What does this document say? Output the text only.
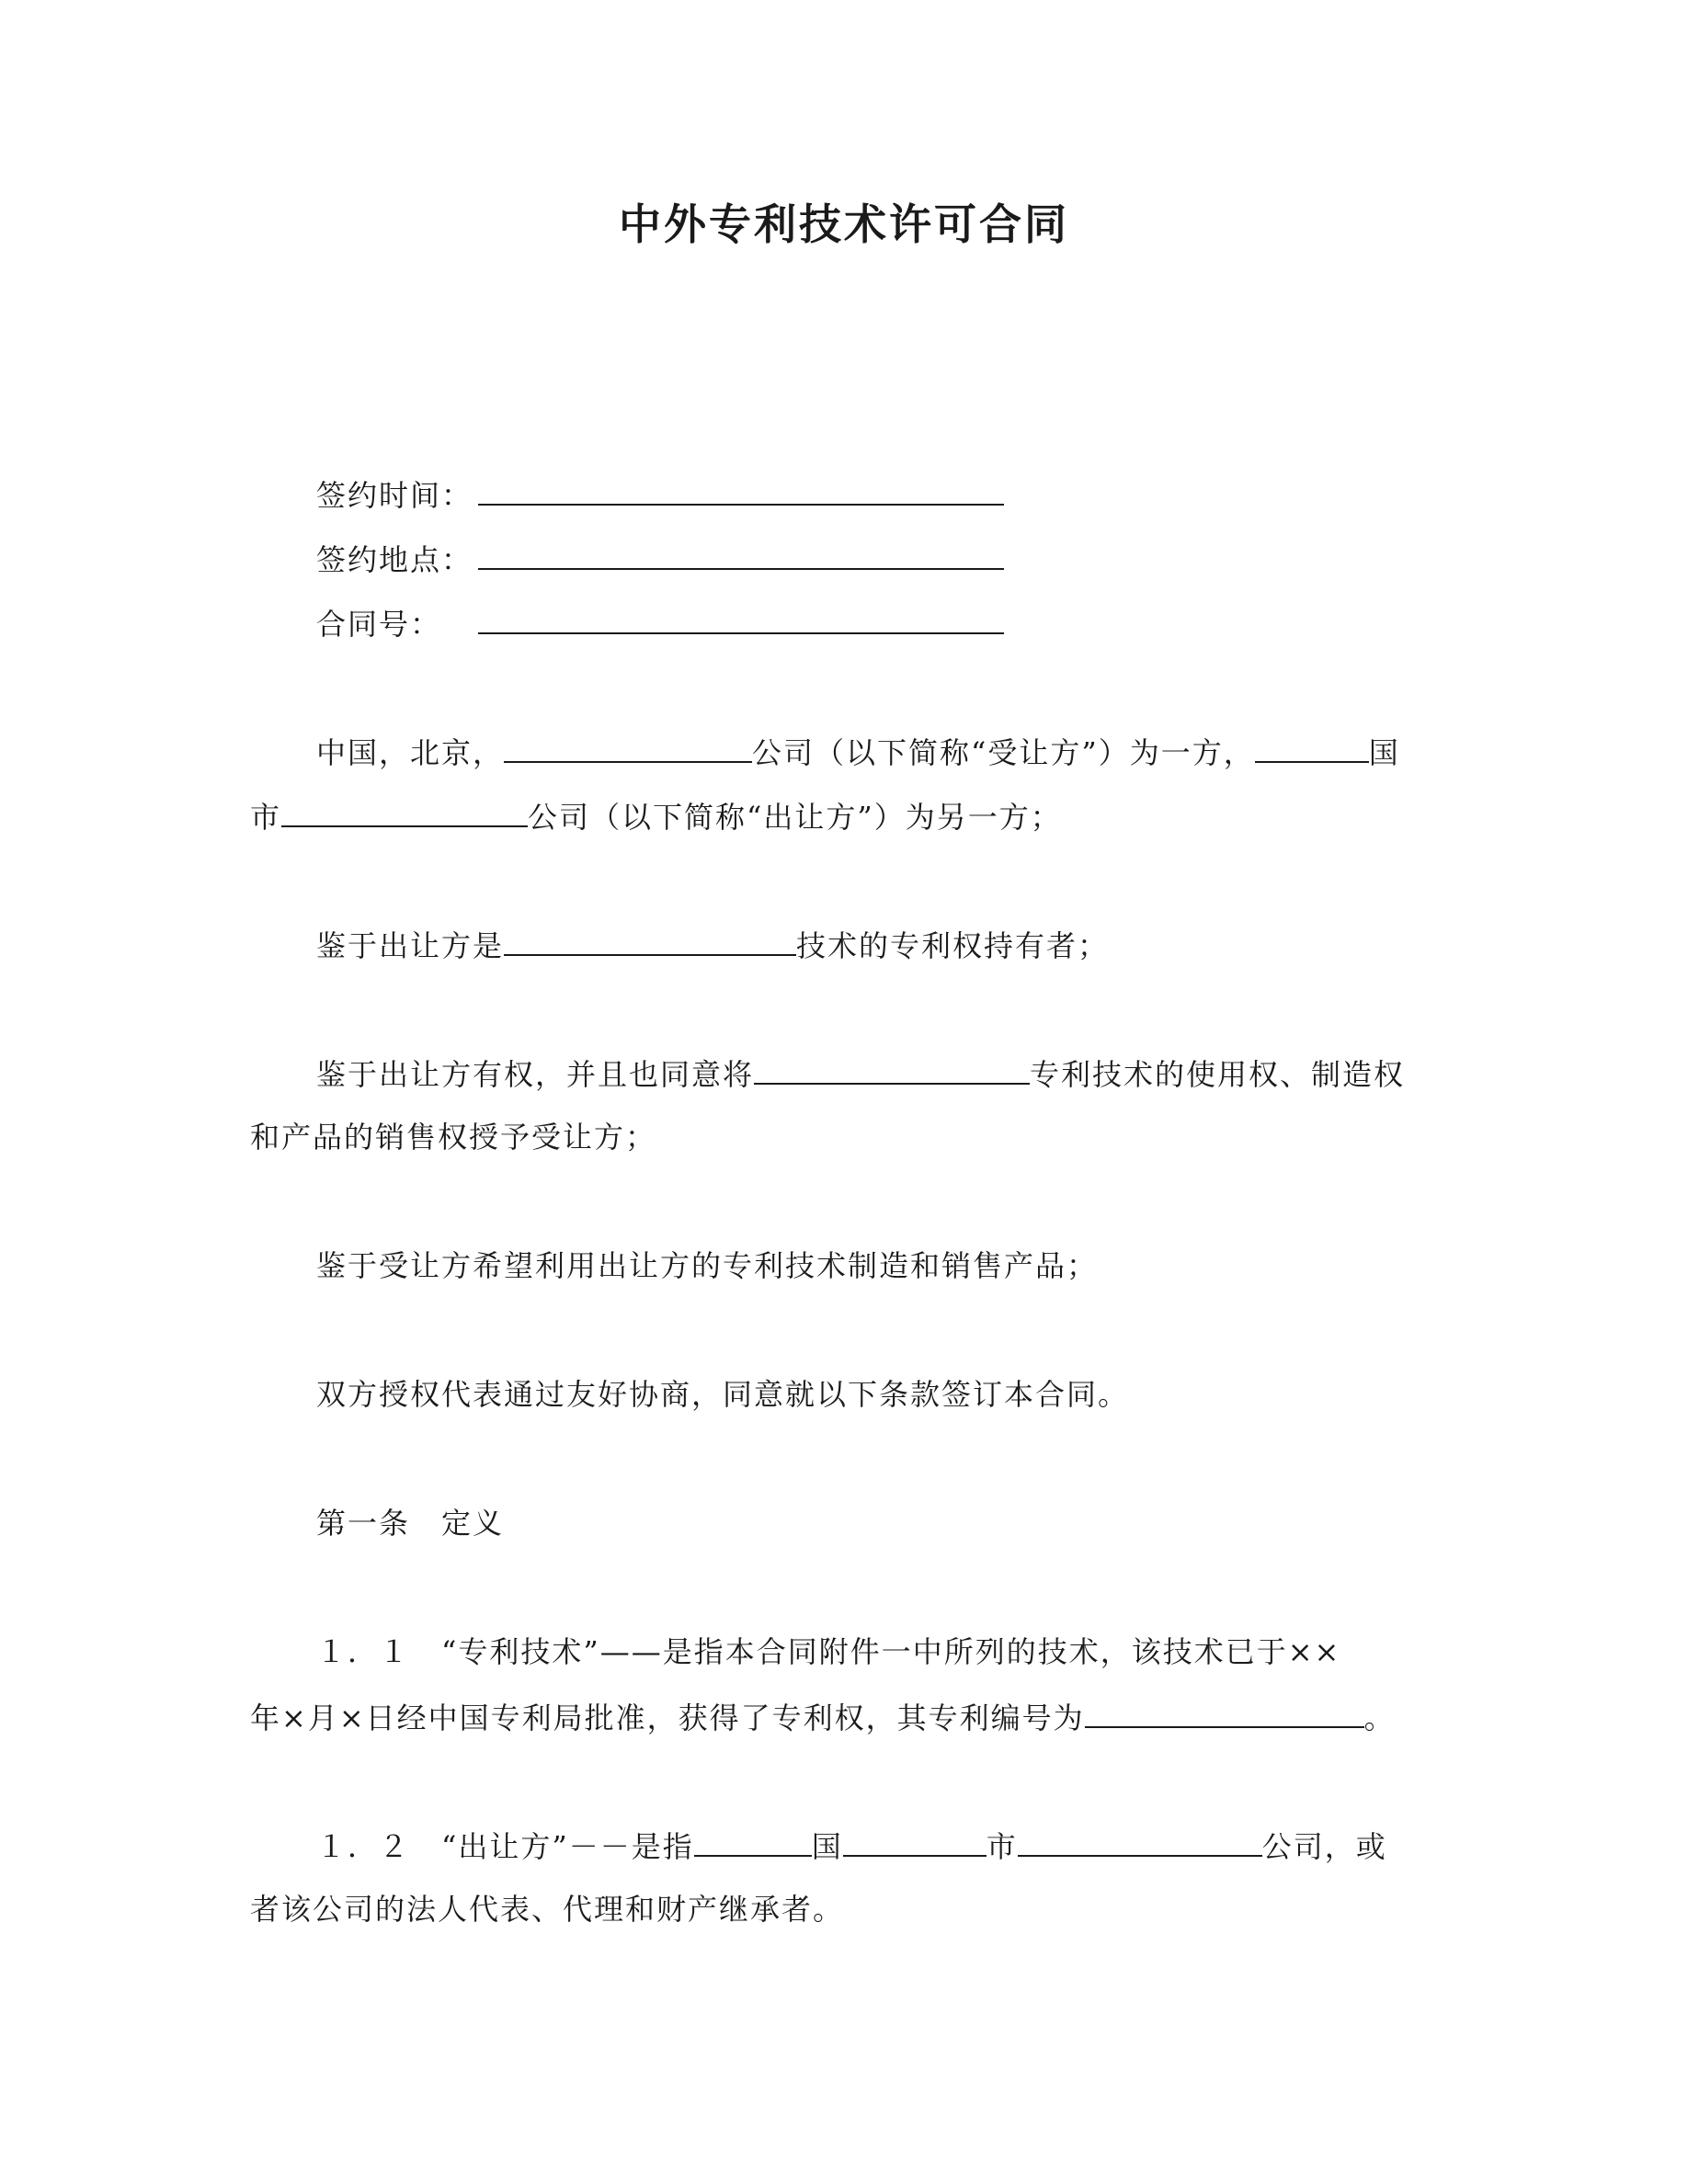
中外专利技术许可合同
签约时间：
签约地点：
合同号：
中国，北京，	公司（以下简称“受让方”）为一方，	国
市	公司（以下简称“出让方”）为另一方；
鉴于出让方是	技术的专利权持有者；
鉴于出让方有权，并且也同意将	专利技术的使用权、制造权
和产品的销售权授予受让方；
鉴于受让方希望利用出让方的专利技术制造和销售产品；
双方授权代表通过友好协商，同意就以下条款签订本合同。
第一条　定义
１．１　“专利技术”——是指本合同附件一中所列的技术，该技术已于××
年×月×日经中国专利局批准，获得了专利权，其专利编号为	。
１．２　“出让方”－－是指	国	市	公司，或
者该公司的法人代表、代理和财产继承者。
